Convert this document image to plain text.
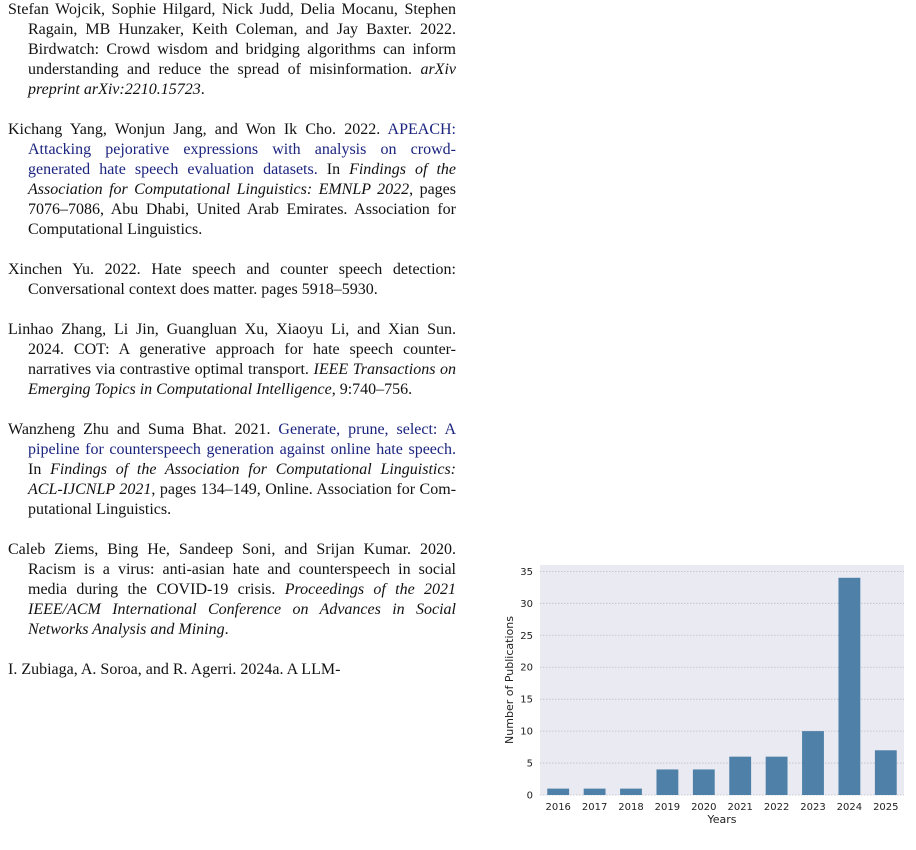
Stefan Wojcik, Sophie Hilgard, Nick Judd, Delia Mocanu, Stephen Ragain, MB Hunzaker, Keith Coleman, and Jay Baxter. 2022. Birdwatch: Crowd wisdom and bridging algorithms can inform understanding and reduce the spread of misinformation. arXiv preprint arXiv:2210.15723.

Kichang Yang, Wonjun Jang, and Won Ik Cho. 2022. APEACH: Attacking pejorative expressions with analysis on crowd-generated hate speech evaluation datasets. In Findings of the Association for Computational Linguistics: EMNLP 2022, pages 7076–7086, Abu Dhabi, United Arab Emirates. Association for Computational Linguistics.

Xinchen Yu. 2022. Hate speech and counter speech detection: Conversational context does matter. pages 5918–5930.

Linhao Zhang, Li Jin, Guangluan Xu, Xiaoyu Li, and Xian Sun. 2024. COT: A generative approach for hate speech counter-narratives via contrastive optimal transport. IEEE Transactions on Emerging Topics in Computational Intelligence, 9:740–756.

Wanzheng Zhu and Suma Bhat. 2021. Generate, prune, select: A pipeline for counterspeech generation against online hate speech. In Findings of the Association for Computational Linguistics: ACL-IJCNLP 2021, pages 134–149, Online. Association for Computational Linguistics.

Caleb Ziems, Bing He, Sandeep Soni, and Srijan Kumar. 2020. Racism is a virus: anti-asian hate and counterspeech in social media during the COVID-19 crisis. Proceedings of the 2021 IEEE/ACM International Conference on Advances in Social Networks Analysis and Mining.

I. Zubiaga, A. Soroa, and R. Agerri. 2024a. A LLM-

0
5
10
15
20
25
30
35
2016 2017 2018 2019 2020 2021 2022 2023 2024 2025
Years
Number of Publications
